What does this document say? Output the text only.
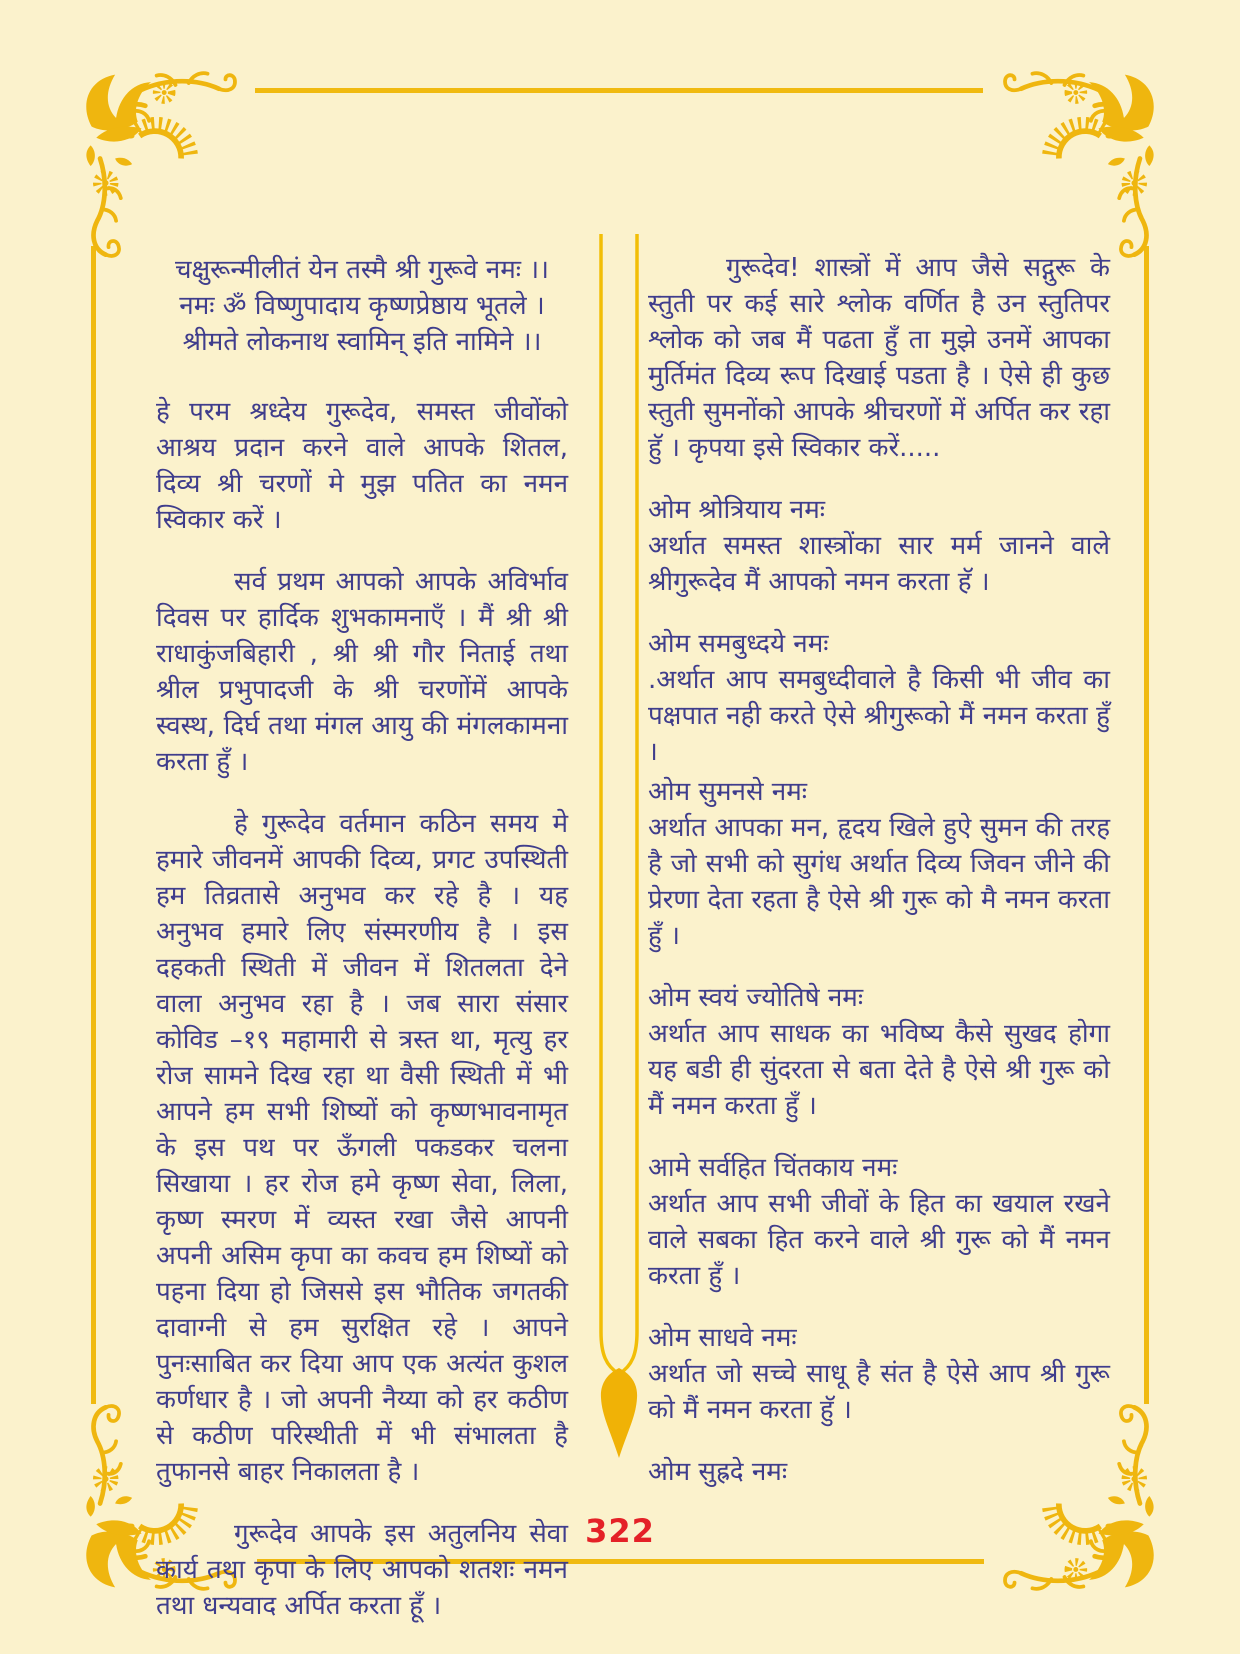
चक्षुरून्मीलीतं येन तस्मै श्री गुरूवे नमः ।।
नमः ॐ विष्णुपादाय कृष्णप्रेष्ठाय भूतले ।
श्रीमते लोकनाथ स्वामिन् इति नामिने ।।

हे परम श्रध्देय गुरूदेव, समस्त जीवोंको आश्रय प्रदान करने वाले आपके शितल, दिव्य श्री चरणों मे मुझ पतित का नमन स्विकार करें ।

सर्व प्रथम आपको आपके अविर्भाव दिवस पर हार्दिक शुभकामनाएँ । मैं श्री श्री राधाकुंजबिहारी , श्री श्री गौर निताई तथा श्रील प्रभुपादजी के श्री चरणोंमें आपके स्वस्थ, दिर्घ तथा मंगल आयु की मंगलकामना करता हुँ ।

हे गुरूदेव वर्तमान कठिन समय मे हमारे जीवनमें आपकी दिव्य, प्रगट उपस्थिती हम तिव्रतासे अनुभव कर रहे है । यह अनुभव हमारे लिए संस्मरणीय है । इस दहकती स्थिती में जीवन में शितलता देने वाला अनुभव रहा है । जब सारा संसार कोविड –१९ महामारी से त्रस्त था, मृत्यु हर रोज सामने दिख रहा था वैसी स्थिती में भी आपने हम सभी शिष्यों को कृष्णभावनामृत के इस पथ पर ऊँगली पकडकर चलना सिखाया । हर रोज हमे कृष्ण सेवा, लिला, कृष्ण स्मरण में व्यस्त रखा जैसे आपनी अपनी असिम कृपा का कवच हम शिष्यों को पहना दिया हो जिससे इस भौतिक जगतकी दावाग्नी से हम सुरक्षित रहे । आपने पुनःसाबित कर दिया आप एक अत्यंत कुशल कर्णधार है । जो अपनी नैय्या को हर कठीण से कठीण परिस्थीती में भी संभालता है तुफानसे बाहर निकालता है ।

गुरूदेव आपके इस अतुलनिय सेवा कार्य तथा कृपा के लिए आपको शतशः नमन तथा धन्यवाद अर्पित करता हूँ ।

गुरूदेव! शास्त्रों में आप जैसे सद्गुरू के स्तुती पर कई सारे श्लोक वर्णित है उन स्तुतिपर श्लोक को जब मैं पढता हुँ ता मुझे उनमें आपका मुर्तिमंत दिव्य रूप दिखाई पडता है । ऐसे ही कुछ स्तुती सुमनोंको आपके श्रीचरणों में अर्पित कर रहा हुॅ । कृपया इसे स्विकार करें.....

ओम श्रोत्रियाय नमः
अर्थात समस्त शास्त्रोंका सार मर्म जानने वाले श्रीगुरूदेव मैं आपको नमन करता हॅ ।
ओम समबुध्दये नमः
.अर्थात आप समबुध्दीवाले है किसी भी जीव का पक्षपात नही करते ऐसे श्रीगुरूको मैं नमन करता हुँ ।
ओम सुमनसे नमः
अर्थात आपका मन, हृदय खिले हुऐ सुमन की तरह है जो सभी को सुगंध अर्थात दिव्य जिवन जीने की प्रेरणा देता रहता है ऐसे श्री गुरू को मै नमन करता हुँ ।
ओम स्वयं ज्योतिषे नमः
अर्थात आप साधक का भविष्य कैसे सुखद होगा यह बडी ही सुंदरता से बता देते है ऐसे श्री गुरू को मैं नमन करता हुँ ।
आमे सर्वहित चिंतकाय नमः
अर्थात आप सभी जीवों के हित का खयाल रखने वाले सबका हित करने वाले श्री गुरू को मैं नमन करता हुँ ।
ओम साधवे नमः
अर्थात जो सच्चे साधू है संत है ऐसे आप श्री गुरू को मैं नमन करता हुॅ ।
ओम सुह्रदे नमः
322
